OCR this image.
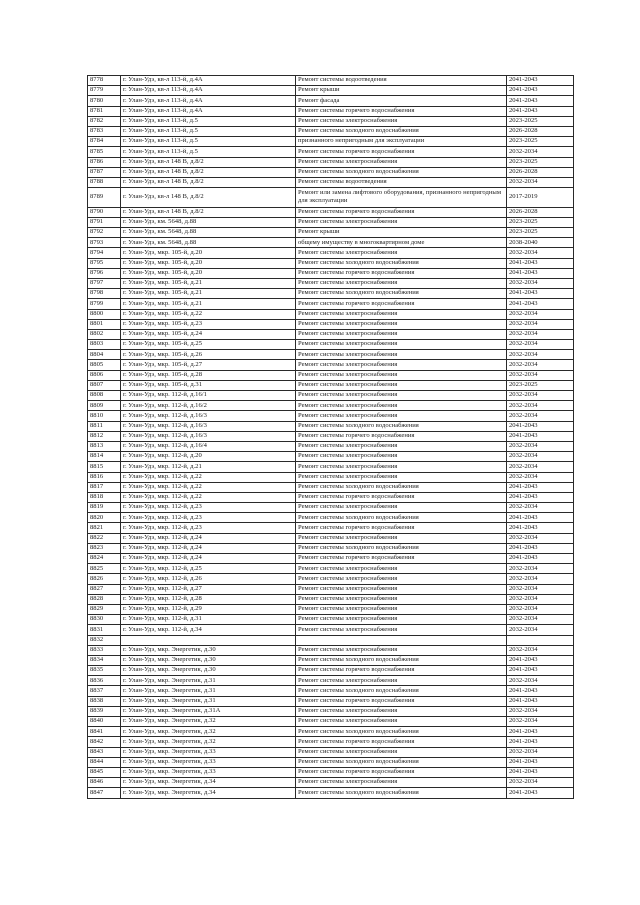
8778	г. Улан-Удэ, кв-л 113-й, д.4А	Ремонт системы водоотведения	2041-2043
8779	г. Улан-Удэ, кв-л 113-й, д.4А	Ремонт крыши	2041-2043
8780	г. Улан-Удэ, кв-л 113-й, д.4А	Ремонт фасада	2041-2043
8781	г. Улан-Удэ, кв-л 113-й, д.4А	Ремонт системы горячего водоснабжения	2041-2043
8782	г. Улан-Удэ, кв-л 113-й, д.5	Ремонт системы электроснабжения	2023-2025
8783	г. Улан-Удэ, кв-л 113-й, д.5	Ремонт системы холодного водоснабжения	2026-2028
8784	г. Улан-Удэ, кв-л 113-й, д.5	признанного непригодным для эксплуатации	2023-2025
8785	г. Улан-Удэ, кв-л 113-й, д.5	Ремонт системы горячего водоснабжения	2032-2034
8786	г. Улан-Удэ, кв-л 148 В, д.8/2	Ремонт системы электроснабжения	2023-2025
8787	г. Улан-Удэ, кв-л 148 В, д.8/2	Ремонт системы холодного водоснабжения	2026-2028
8788	г. Улан-Удэ, кв-л 148 В, д.8/2	Ремонт системы водоотведения	2032-2034
8789	г. Улан-Удэ, кв-л 148 В, д.8/2	Ремонт или замена лифтового оборудования, признанного непригодным для эксплуатации	2017-2019
8790	г. Улан-Удэ, кв-л 148 В, д.8/2	Ремонт системы горячего водоснабжения	2026-2028
8791	г. Улан-Удэ, км. 5648, д.88	Ремонт системы электроснабжения	2023-2025
8792	г. Улан-Удэ, км. 5648, д.88	Ремонт крыши	2023-2025
8793	г. Улан-Удэ, км. 5648, д.88	общему имуществу в многоквартирном доме	2038-2040
8794	г. Улан-Удэ, мкр. 105-й, д.20	Ремонт системы электроснабжения	2032-2034
8795	г. Улан-Удэ, мкр. 105-й, д.20	Ремонт системы холодного водоснабжения	2041-2043
8796	г. Улан-Удэ, мкр. 105-й, д.20	Ремонт системы горячего водоснабжения	2041-2043
8797	г. Улан-Удэ, мкр. 105-й, д.21	Ремонт системы электроснабжения	2032-2034
8798	г. Улан-Удэ, мкр. 105-й, д.21	Ремонт системы холодного водоснабжения	2041-2043
8799	г. Улан-Удэ, мкр. 105-й, д.21	Ремонт системы горячего водоснабжения	2041-2043
8800	г. Улан-Удэ, мкр. 105-й, д.22	Ремонт системы электроснабжения	2032-2034
8801	г. Улан-Удэ, мкр. 105-й, д.23	Ремонт системы электроснабжения	2032-2034
8802	г. Улан-Удэ, мкр. 105-й, д.24	Ремонт системы электроснабжения	2032-2034
8803	г. Улан-Удэ, мкр. 105-й, д.25	Ремонт системы электроснабжения	2032-2034
8804	г. Улан-Удэ, мкр. 105-й, д.26	Ремонт системы электроснабжения	2032-2034
8805	г. Улан-Удэ, мкр. 105-й, д.27	Ремонт системы электроснабжения	2032-2034
8806	г. Улан-Удэ, мкр. 105-й, д.28	Ремонт системы электроснабжения	2032-2034
8807	г. Улан-Удэ, мкр. 105-й, д.31	Ремонт системы электроснабжения	2023-2025
8808	г. Улан-Удэ, мкр. 112-й, д.16/1	Ремонт системы электроснабжения	2032-2034
8809	г. Улан-Удэ, мкр. 112-й, д.16/2	Ремонт системы электроснабжения	2032-2034
8810	г. Улан-Удэ, мкр. 112-й, д.16/3	Ремонт системы электроснабжения	2032-2034
8811	г. Улан-Удэ, мкр. 112-й, д.16/3	Ремонт системы холодного водоснабжения	2041-2043
8812	г. Улан-Удэ, мкр. 112-й, д.16/3	Ремонт системы горячего водоснабжения	2041-2043
8813	г. Улан-Удэ, мкр. 112-й, д.16/4	Ремонт системы электроснабжения	2032-2034
8814	г. Улан-Удэ, мкр. 112-й, д.20	Ремонт системы электроснабжения	2032-2034
8815	г. Улан-Удэ, мкр. 112-й, д.21	Ремонт системы электроснабжения	2032-2034
8816	г. Улан-Удэ, мкр. 112-й, д.22	Ремонт системы электроснабжения	2032-2034
8817	г. Улан-Удэ, мкр. 112-й, д.22	Ремонт системы холодного водоснабжения	2041-2043
8818	г. Улан-Удэ, мкр. 112-й, д.22	Ремонт системы горячего водоснабжения	2041-2043
8819	г. Улан-Удэ, мкр. 112-й, д.23	Ремонт системы электроснабжения	2032-2034
8820	г. Улан-Удэ, мкр. 112-й, д.23	Ремонт системы холодного водоснабжения	2041-2043
8821	г. Улан-Удэ, мкр. 112-й, д.23	Ремонт системы горячего водоснабжения	2041-2043
8822	г. Улан-Удэ, мкр. 112-й, д.24	Ремонт системы электроснабжения	2032-2034
8823	г. Улан-Удэ, мкр. 112-й, д.24	Ремонт системы холодного водоснабжения	2041-2043
8824	г. Улан-Удэ, мкр. 112-й, д.24	Ремонт системы горячего водоснабжения	2041-2043
8825	г. Улан-Удэ, мкр. 112-й, д.25	Ремонт системы электроснабжения	2032-2034
8826	г. Улан-Удэ, мкр. 112-й, д.26	Ремонт системы электроснабжения	2032-2034
8827	г. Улан-Удэ, мкр. 112-й, д.27	Ремонт системы электроснабжения	2032-2034
8828	г. Улан-Удэ, мкр. 112-й, д.28	Ремонт системы электроснабжения	2032-2034
8829	г. Улан-Удэ, мкр. 112-й, д.29	Ремонт системы электроснабжения	2032-2034
8830	г. Улан-Удэ, мкр. 112-й, д.31	Ремонт системы электроснабжения	2032-2034
8831	г. Улан-Удэ, мкр. 112-й, д.34	Ремонт системы электроснабжения	2032-2034
8832			
8833	г. Улан-Удэ, мкр. Энергетик, д.30	Ремонт системы электроснабжения	2032-2034
8834	г. Улан-Удэ, мкр. Энергетик, д.30	Ремонт системы холодного водоснабжения	2041-2043
8835	г. Улан-Удэ, мкр. Энергетик, д.30	Ремонт системы горячего водоснабжения	2041-2043
8836	г. Улан-Удэ, мкр. Энергетик, д.31	Ремонт системы электроснабжения	2032-2034
8837	г. Улан-Удэ, мкр. Энергетик, д.31	Ремонт системы холодного водоснабжения	2041-2043
8838	г. Улан-Удэ, мкр. Энергетик, д.31	Ремонт системы горячего водоснабжения	2041-2043
8839	г. Улан-Удэ, мкр. Энергетик, д.31А	Ремонт системы электроснабжения	2032-2034
8840	г. Улан-Удэ, мкр. Энергетик, д.32	Ремонт системы электроснабжения	2032-2034
8841	г. Улан-Удэ, мкр. Энергетик, д.32	Ремонт системы холодного водоснабжения	2041-2043
8842	г. Улан-Удэ, мкр. Энергетик, д.32	Ремонт системы горячего водоснабжения	2041-2043
8843	г. Улан-Удэ, мкр. Энергетик, д.33	Ремонт системы электроснабжения	2032-2034
8844	г. Улан-Удэ, мкр. Энергетик, д.33	Ремонт системы холодного водоснабжения	2041-2043
8845	г. Улан-Удэ, мкр. Энергетик, д.33	Ремонт системы горячего водоснабжения	2041-2043
8846	г. Улан-Удэ, мкр. Энергетик, д.34	Ремонт системы электроснабжения	2032-2034
8847	г. Улан-Удэ, мкр. Энергетик, д.34	Ремонт системы холодного водоснабжения	2041-2043
